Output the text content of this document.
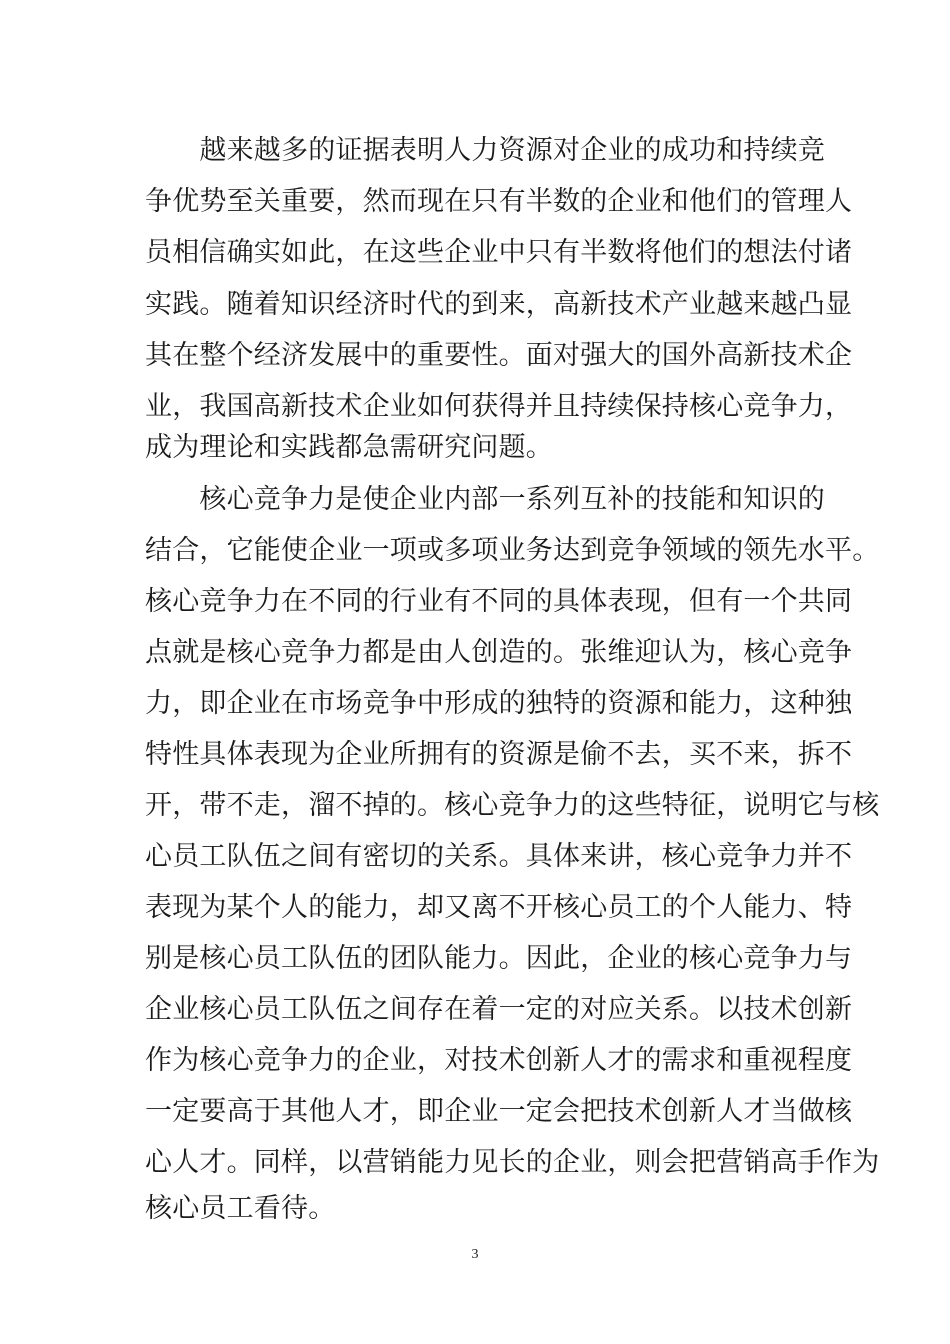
　　越来越多的证据表明人力资源对企业的成功和持续竞

争优势至关重要，然而现在只有半数的企业和他们的管理人

员相信确实如此，在这些企业中只有半数将他们的想法付诸

实践。随着知识经济时代的到来，高新技术产业越来越凸显

其在整个经济发展中的重要性。面对强大的国外高新技术企

业，我国高新技术企业如何获得并且持续保持核心竞争力，

成为理论和实践都急需研究问题。

　　核心竞争力是使企业内部一系列互补的技能和知识的

结合，它能使企业一项或多项业务达到竞争领域的领先水平。

核心竞争力在不同的行业有不同的具体表现，但有一个共同

点就是核心竞争力都是由人创造的。张维迎认为，核心竞争

力，即企业在市场竞争中形成的独特的资源和能力，这种独

特性具体表现为企业所拥有的资源是偷不去，买不来，拆不

开，带不走，溜不掉的。核心竞争力的这些特征，说明它与核

心员工队伍之间有密切的关系。具体来讲，核心竞争力并不

表现为某个人的能力，却又离不开核心员工的个人能力、特

别是核心员工队伍的团队能力。因此，企业的核心竞争力与

企业核心员工队伍之间存在着一定的对应关系。以技术创新

作为核心竞争力的企业，对技术创新人才的需求和重视程度

一定要高于其他人才，即企业一定会把技术创新人才当做核

心人才。同样，以营销能力见长的企业，则会把营销高手作为

核心员工看待。

3
